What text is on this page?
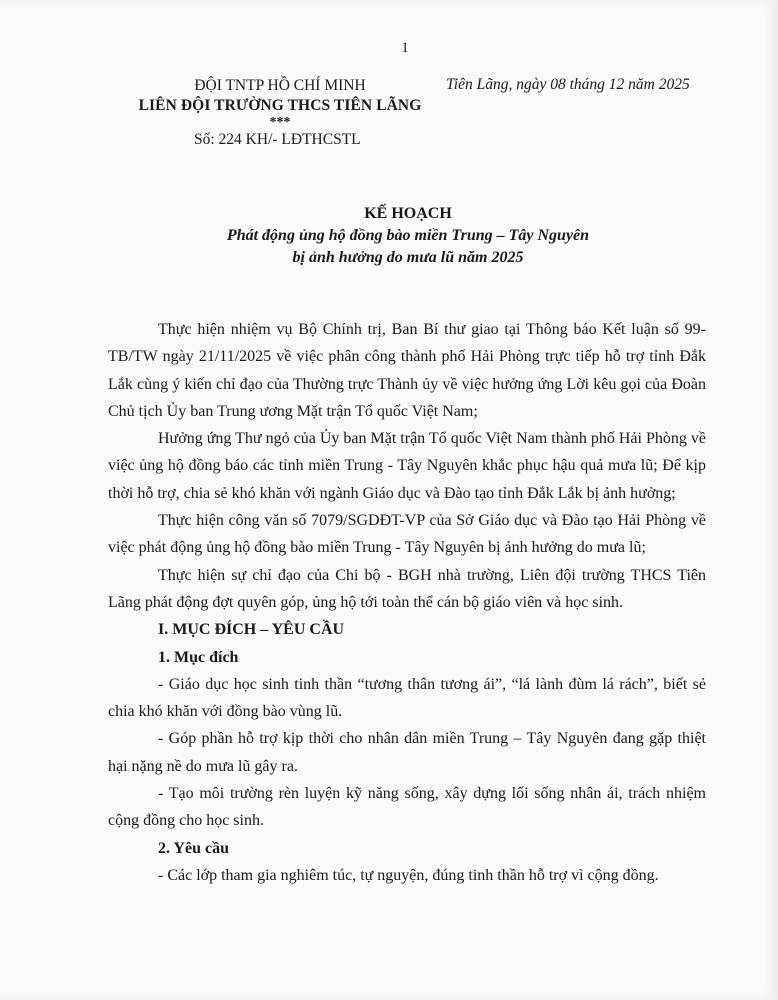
1
ĐỘI TNTP HỒ CHÍ MINH
LIÊN ĐỘI TRƯỜNG THCS TIÊN LÃNG
***
Số: 224 KH/- LĐTHCSTL
Tiên Lãng, ngày 08 tháng 12 năm 2025
KẾ HOẠCH
Phát động ủng hộ đồng bào miền Trung – Tây Nguyên
bị ảnh hưởng do mưa lũ năm 2025

Thực hiện nhiệm vụ Bộ Chính trị, Ban Bí thư giao tại Thông báo Kết luận số 99-TB/TW ngày 21/11/2025 về việc phân công thành phố Hải Phòng trực tiếp hỗ trợ tỉnh Đắk Lắk cùng ý kiến chỉ đạo của Thường trực Thành ủy về việc hưởng ứng Lời kêu gọi của Đoàn Chủ tịch Ủy ban Trung ương Mặt trận Tổ quốc Việt Nam;

Hưởng ứng Thư ngỏ của Ủy ban Mặt trận Tổ quốc Việt Nam thành phố Hải Phòng về việc ủng hộ đồng báo các tỉnh miền Trung - Tây Nguyên khắc phục hậu quả mưa lũ; Để kịp thời hỗ trợ, chia sẻ khó khăn với ngành Giáo dục và Đào tạo tỉnh Đắk Lắk bị ảnh hưởng;

Thực hiện công văn số 7079/SGDĐT-VP của Sở Giáo dục và Đào tạo Hải Phòng về việc phát động ủng hộ đồng bào miền Trung - Tây Nguyên bị ảnh hưởng do mưa lũ;

Thực hiện sự chỉ đạo của Chi bộ - BGH nhà trường, Liên đội trường THCS Tiên Lãng phát động đợt quyên góp, ủng hộ tới toàn thể cán bộ giáo viên và học sinh.

I. MỤC ĐÍCH – YÊU CẦU
1. Mục đích

- Giáo dục học sinh tinh thần “tương thân tương ái”, “lá lành đùm lá rách”, biết sẻ chia khó khăn với đồng bào vùng lũ.

- Góp phần hỗ trợ kịp thời cho nhân dân miền Trung – Tây Nguyên đang gặp thiệt hại nặng nề do mưa lũ gây ra.

- Tạo môi trường rèn luyện kỹ năng sống, xây dựng lối sống nhân ái, trách nhiệm cộng đồng cho học sinh.

2. Yêu cầu

- Các lớp tham gia nghiêm túc, tự nguyện, đúng tinh thần hỗ trợ vì cộng đồng.
